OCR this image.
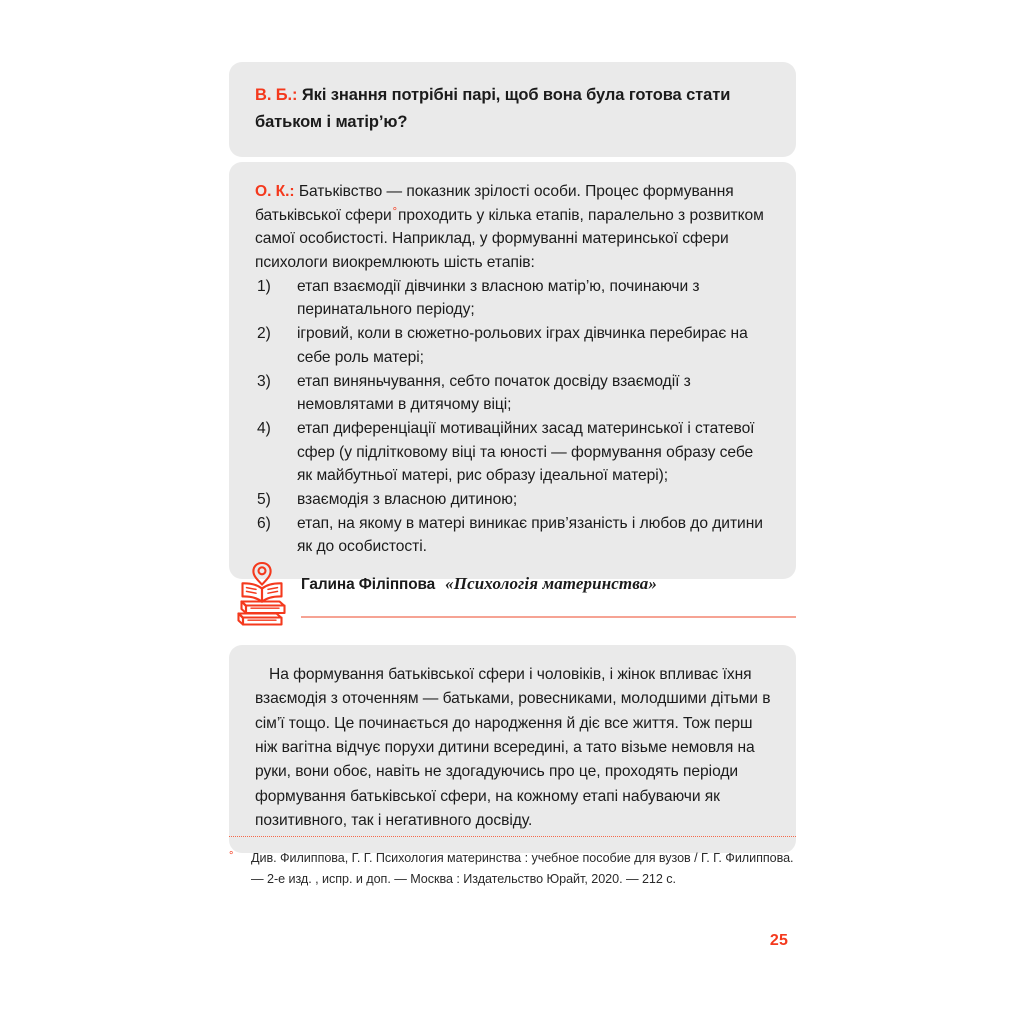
В. Б.: Які знання потрібні парі, щоб вона була готова стати батьком і матір’ю?
О. К.: Батьківство — показник зрілості особи. Процес формування батьківської сфери°проходить у кілька етапів, паралельно з розвитком самої особистості. Наприклад, у формуванні материнської сфери психологи виокремлюють шість етапів:
1)	етап взаємодії дівчинки з власною матір’ю, починаючи з перинатального періоду;
2)	ігровий, коли в сюжетно-рольових іграх дівчинка перебирає на себе роль матері;
3)	етап виняньчування, себто початок досвіду взаємодії з немовлятами в дитячому віці;
4)	етап диференціації мотиваційних засад материнської і статевої сфер (у підлітковому віці та юності — формування образу себе як майбутньої матері, рис образу ідеальної матері);
5)	взаємодія з власною дитиною;
6)	етап, на якому в матері виникає прив’язаність і любов до дитини як до особистості.
Галина Філіппова «Психологія материнства»
На формування батьківської сфери і чоловіків, і жінок впливає їхня взаємодія з оточенням — батьками, ровесниками, молодшими дітьми в сім’ї тощо. Це починається до народження й діє все життя. Тож перш ніж вагітна відчує порухи дитини всередині, а тато візьме немовля на руки, вони обоє, навіть не здогадуючись про це, проходять періоди формування батьківської сфери, на кожному етапі набуваючи як позитивного, так і негативного досвіду.
°	Див. Филиппова, Г. Г. Психология материнства : учебное пособие для вузов / Г. Г. Филиппова. — 2-е изд. , испр. и доп. — Москва : Издательство Юрайт, 2020. — 212 с.
25
